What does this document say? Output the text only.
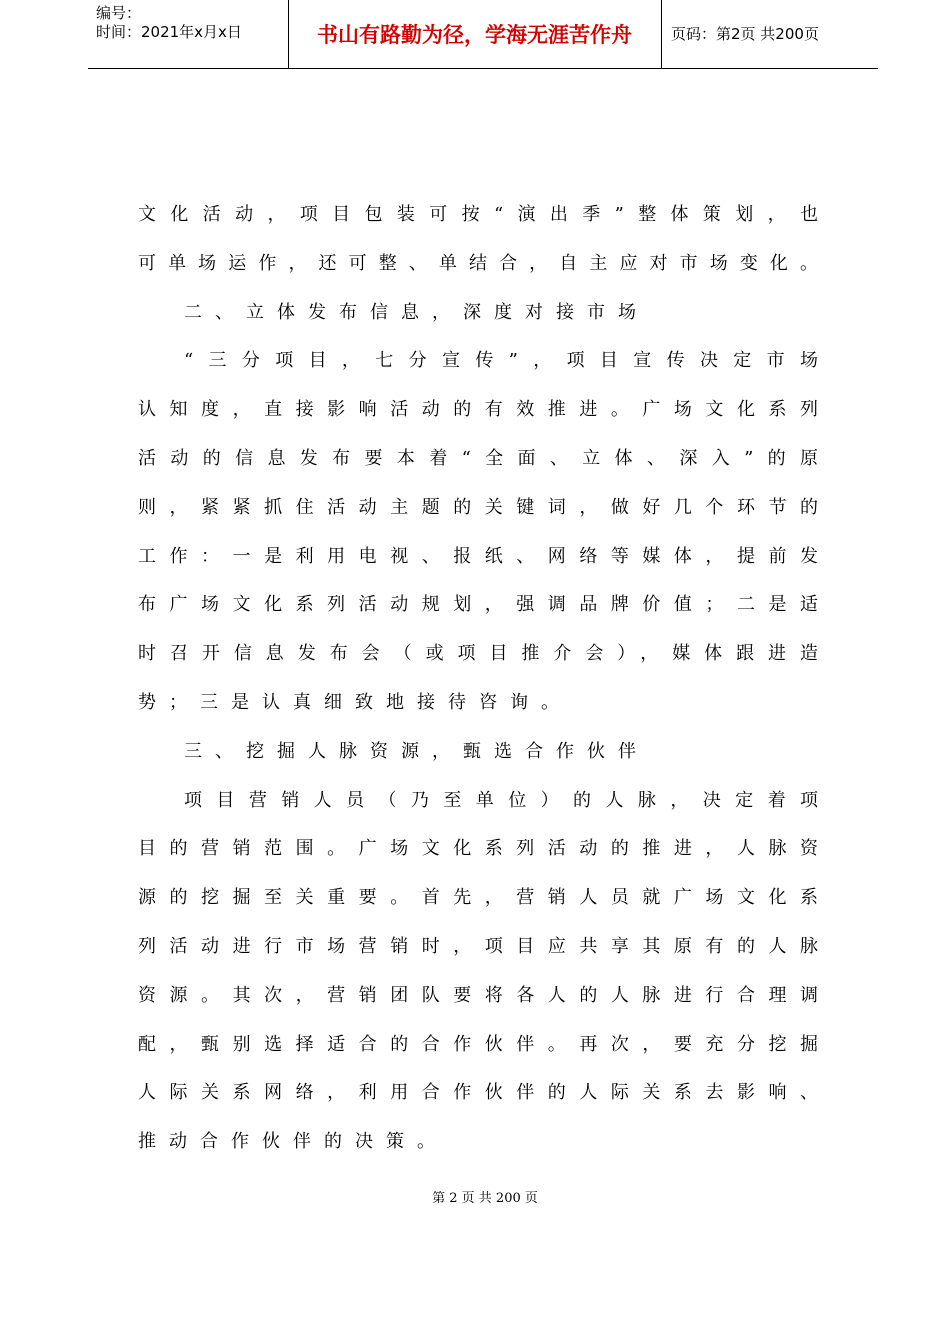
编号：
时间：2021年x月x日	书山有路勤为径，学海无涯苦作舟	页码：第2页 共200页
文化活动，项目包装可按“演出季”整体策划，也
可单场运作，还可整、单结合，自主应对市场变化。
二、立体发布信息，深度对接市场
“三分项目，七分宣传”，项目宣传决定市场
认知度，直接影响活动的有效推进。广场文化系列
活动的信息发布要本着“全面、立体、深入”的原
则，紧紧抓住活动主题的关键词，做好几个环节的
工作：一是利用电视、报纸、网络等媒体，提前发
布广场文化系列活动规划，强调品牌价值；二是适
时召开信息发布会（或项目推介会），媒体跟进造
势；三是认真细致地接待咨询。
三、挖掘人脉资源，甄选合作伙伴
项目营销人员（乃至单位）的人脉，决定着项
目的营销范围。广场文化系列活动的推进，人脉资
源的挖掘至关重要。首先，营销人员就广场文化系
列活动进行市场营销时，项目应共享其原有的人脉
资源。其次，营销团队要将各人的人脉进行合理调
配，甄别选择适合的合作伙伴。再次，要充分挖掘
人际关系网络，利用合作伙伴的人际关系去影响、
推动合作伙伴的决策。
第 2 页 共 200 页
